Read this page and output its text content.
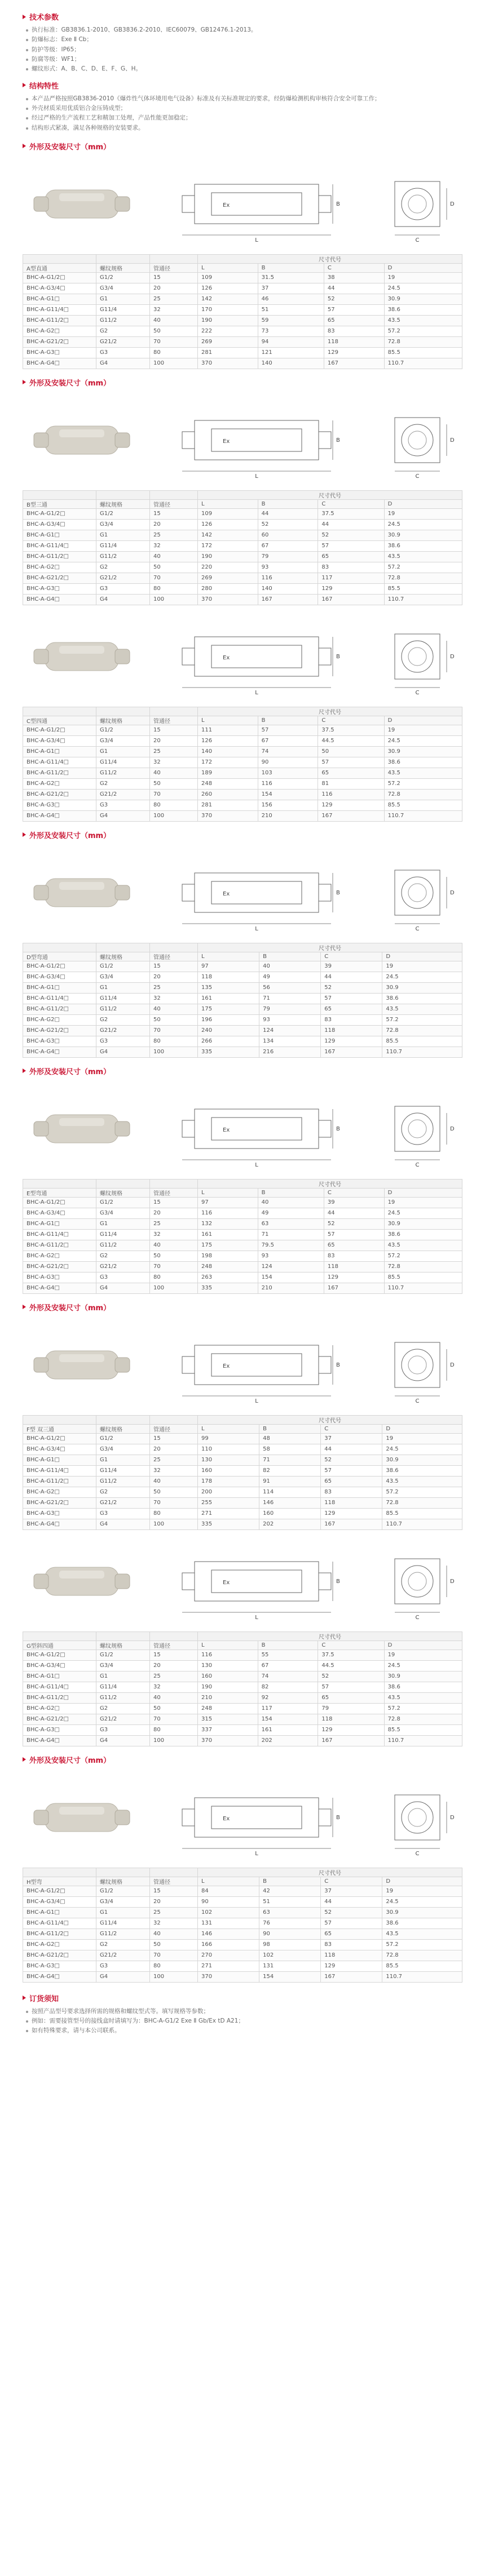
技术参数
执行标准：GB3836.1-2010、GB3836.2-2010、IEC60079、GB12476.1-2013。
防爆标志：Exe Ⅱ Cb；
防护等级：IP65；
防腐等级：WF1；
螺纹形式：A、B、C、D、E、F、G、H。
结构特性
本产品严格按照GB3836-2010《爆炸性气体环境用电气设备》标准及有关标准规定的要求，经防爆检测机构审核符合安全可靠工作；
外壳材质采用优质铝合金压铸成型；
经过严格的生产流程工艺和精加工处理，产品性能更加稳定；
结构形式紧凑，满足各种规格的安装要求。
外形及安装尺寸（mm）
L
Ex	B
C
D
			尺寸代号			
A型直通	螺纹规格	管通径	L	B	C	D
BHC-A-G1/2□	G1/2	15	109	31.5	38	19
BHC-A-G3/4□	G3/4	20	126	37	44	24.5
BHC-A-G1□	G1	25	142	46	52	30.9
BHC-A-G11/4□	G11/4	32	170	51	57	38.6
BHC-A-G11/2□	G11/2	40	190	59	65	43.5
BHC-A-G2□	G2	50	222	73	83	57.2
BHC-A-G21/2□	G21/2	70	269	94	118	72.8
BHC-A-G3□	G3	80	281	121	129	85.5
BHC-A-G4□	G4	100	370	140	167	110.7
外形及安装尺寸（mm）
L
Ex	B
C
D
			尺寸代号			
B型三通	螺纹规格	管通径	L	B	C	D
BHC-A-G1/2□	G1/2	15	109	44	37.5	19
BHC-A-G3/4□	G3/4	20	126	52	44	24.5
BHC-A-G1□	G1	25	142	60	52	30.9
BHC-A-G11/4□	G11/4	32	172	67	57	38.6
BHC-A-G11/2□	G11/2	40	190	79	65	43.5
BHC-A-G2□	G2	50	220	93	83	57.2
BHC-A-G21/2□	G21/2	70	269	116	117	72.8
BHC-A-G3□	G3	80	280	140	129	85.5
BHC-A-G4□	G4	100	370	167	167	110.7
L
Ex	B
C
D
			尺寸代号			
C型四通	螺纹规格	管通径	L	B	C	D
BHC-A-G1/2□	G1/2	15	111	57	37.5	19
BHC-A-G3/4□	G3/4	20	126	67	44.5	24.5
BHC-A-G1□	G1	25	140	74	50	30.9
BHC-A-G11/4□	G11/4	32	172	90	57	38.6
BHC-A-G11/2□	G11/2	40	189	103	65	43.5
BHC-A-G2□	G2	50	248	116	81	57.2
BHC-A-G21/2□	G21/2	70	260	154	116	72.8
BHC-A-G3□	G3	80	281	156	129	85.5
BHC-A-G4□	G4	100	370	210	167	110.7
外形及安装尺寸（mm）
L
Ex	B
C
D
			尺寸代号			
D型弯通	螺纹规格	管通径	L	B	C	D
BHC-A-G1/2□	G1/2	15	97	40	39	19
BHC-A-G3/4□	G3/4	20	118	49	44	24.5
BHC-A-G1□	G1	25	135	56	52	30.9
BHC-A-G11/4□	G11/4	32	161	71	57	38.6
BHC-A-G11/2□	G11/2	40	175	79	65	43.5
BHC-A-G2□	G2	50	196	93	83	57.2
BHC-A-G21/2□	G21/2	70	240	124	118	72.8
BHC-A-G3□	G3	80	266	134	129	85.5
BHC-A-G4□	G4	100	335	216	167	110.7
外形及安装尺寸（mm）
L
Ex	B
C
D
			尺寸代号			
E型弯通	螺纹规格	管通径	L	B	C	D
BHC-A-G1/2□	G1/2	15	97	40	39	19
BHC-A-G3/4□	G3/4	20	116	49	44	24.5
BHC-A-G1□	G1	25	132	63	52	30.9
BHC-A-G11/4□	G11/4	32	161	71	57	38.6
BHC-A-G11/2□	G11/2	40	175	79.5	65	43.5
BHC-A-G2□	G2	50	198	93	83	57.2
BHC-A-G21/2□	G21/2	70	248	124	118	72.8
BHC-A-G3□	G3	80	263	154	129	85.5
BHC-A-G4□	G4	100	335	210	167	110.7
外形及安装尺寸（mm）
L
Ex	B
C
D
			尺寸代号			
F型 双三通	螺纹规格	管通径	L	B	C	D
BHC-A-G1/2□	G1/2	15	99	48	37	19
BHC-A-G3/4□	G3/4	20	110	58	44	24.5
BHC-A-G1□	G1	25	130	71	52	30.9
BHC-A-G11/4□	G11/4	32	160	82	57	38.6
BHC-A-G11/2□	G11/2	40	178	91	65	43.5
BHC-A-G2□	G2	50	200	114	83	57.2
BHC-A-G21/2□	G21/2	70	255	146	118	72.8
BHC-A-G3□	G3	80	271	160	129	85.5
BHC-A-G4□	G4	100	335	202	167	110.7
L
Ex	B
C
D
			尺寸代号			
G型斜四通	螺纹规格	管通径	L	B	C	D
BHC-A-G1/2□	G1/2	15	116	55	37.5	19
BHC-A-G3/4□	G3/4	20	130	67	44.5	24.5
BHC-A-G1□	G1	25	160	74	52	30.9
BHC-A-G11/4□	G11/4	32	190	82	57	38.6
BHC-A-G11/2□	G11/2	40	210	92	65	43.5
BHC-A-G2□	G2	50	248	117	79	57.2
BHC-A-G21/2□	G21/2	70	315	154	118	72.8
BHC-A-G3□	G3	80	337	161	129	85.5
BHC-A-G4□	G4	100	370	202	167	110.7
外形及安装尺寸（mm）
L
Ex	B
C
D
			尺寸代号			
H型弯	螺纹规格	管通径	L	B	C	D
BHC-A-G1/2□	G1/2	15	84	42	37	19
BHC-A-G3/4□	G3/4	20	90	51	44	24.5
BHC-A-G1□	G1	25	102	63	52	30.9
BHC-A-G11/4□	G11/4	32	131	76	57	38.6
BHC-A-G11/2□	G11/2	40	146	90	65	43.5
BHC-A-G2□	G2	50	166	98	83	57.2
BHC-A-G21/2□	G21/2	70	270	102	118	72.8
BHC-A-G3□	G3	80	271	131	129	85.5
BHC-A-G4□	G4	100	370	154	167	110.7
订货须知
按照产品型号要求选择所需的规格和螺纹型式等。填写规格等参数；
例如：需要接管型号的接线盒时请填写为：BHC-A-G1/2 Exe Ⅱ Gb/Ex tD A21；
如有特殊要求，请与本公司联系。
